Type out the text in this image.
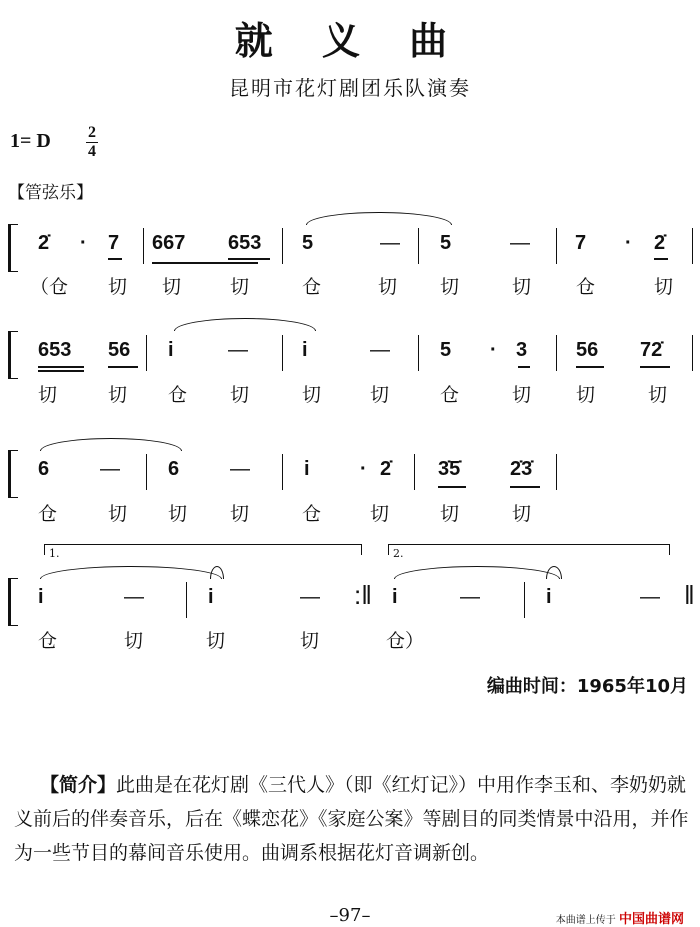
就 义 曲
昆明市花灯剧团乐队演奏
1= D 2
4
【管弦乐】
2̇ · 7 667 653 5	— 5	— 7 · 2̇
（仓 切 切	切	仓	切 切	切 仓	切
653 56 i	—	i	—	5 · 3 56 72̇
切	切 仓 切	切	切	仓	切 切	切
6	— 6	—	i	· 2̇ 3̇5̇ 2̇3̇
仓	切 切 切	仓	切	切	切
i	—	i	— :‖ i	—	i	— ‖
仓	切	切	切	仓）
1.	2.
编曲时间：1965年10月
【简介】此曲是在花灯剧《三代人》（即《红灯记》）中用作李玉和、李奶奶就义前后的伴奏音乐，后在《蝶恋花》《家庭公案》等剧目的同类情景中沿用，并作为一些节目的幕间音乐使用。曲调系根据花灯音调新创。
–97–	本曲谱上传于 中国曲谱网
